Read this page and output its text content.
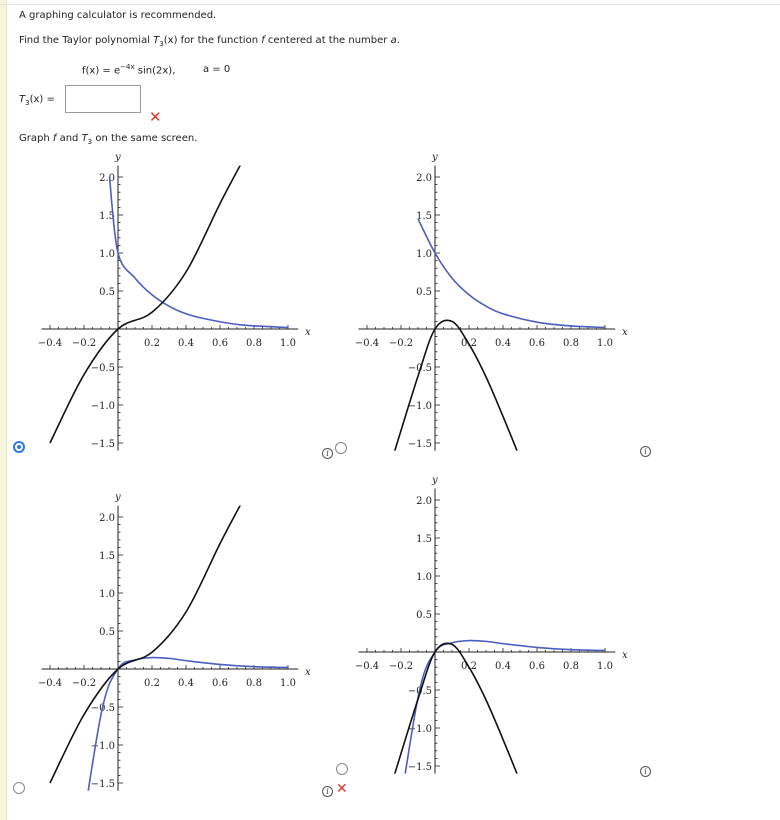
A graphing calculator is recommended.
Find the Taylor polynomial $T_3(x)$ for the function f centered at the number a.
$f(x) = e^{-4x}$ sin(2x),	a = 0
$T_3(x)$ =
✕
Graph f and $T_3$ on the same screen.
−0.4 −0.2	0.2 0.4 0.6 0.8 1.0
2.0
1.5
1.0
0.5
−0.5
−1.0
−1.5
x
y
−0.4 −0.2	0.2 0.4 0.6 0.8 1.0
2.0
1.5
1.0
0.5
−0.5
−1.0
−1.5
x
y
−0.4 −0.2	0.2 0.4 0.6 0.8 1.0
2.0
1.5
1.0
0.5
−0.5
−1.0
−1.5
x
y
−0.4 −0.2	0.2 0.4 0.6 0.8 1.0
2.0
1.5
1.0
0.5
−0.5
−1.0
−1.5
x
y
i	i
i ✕
i
